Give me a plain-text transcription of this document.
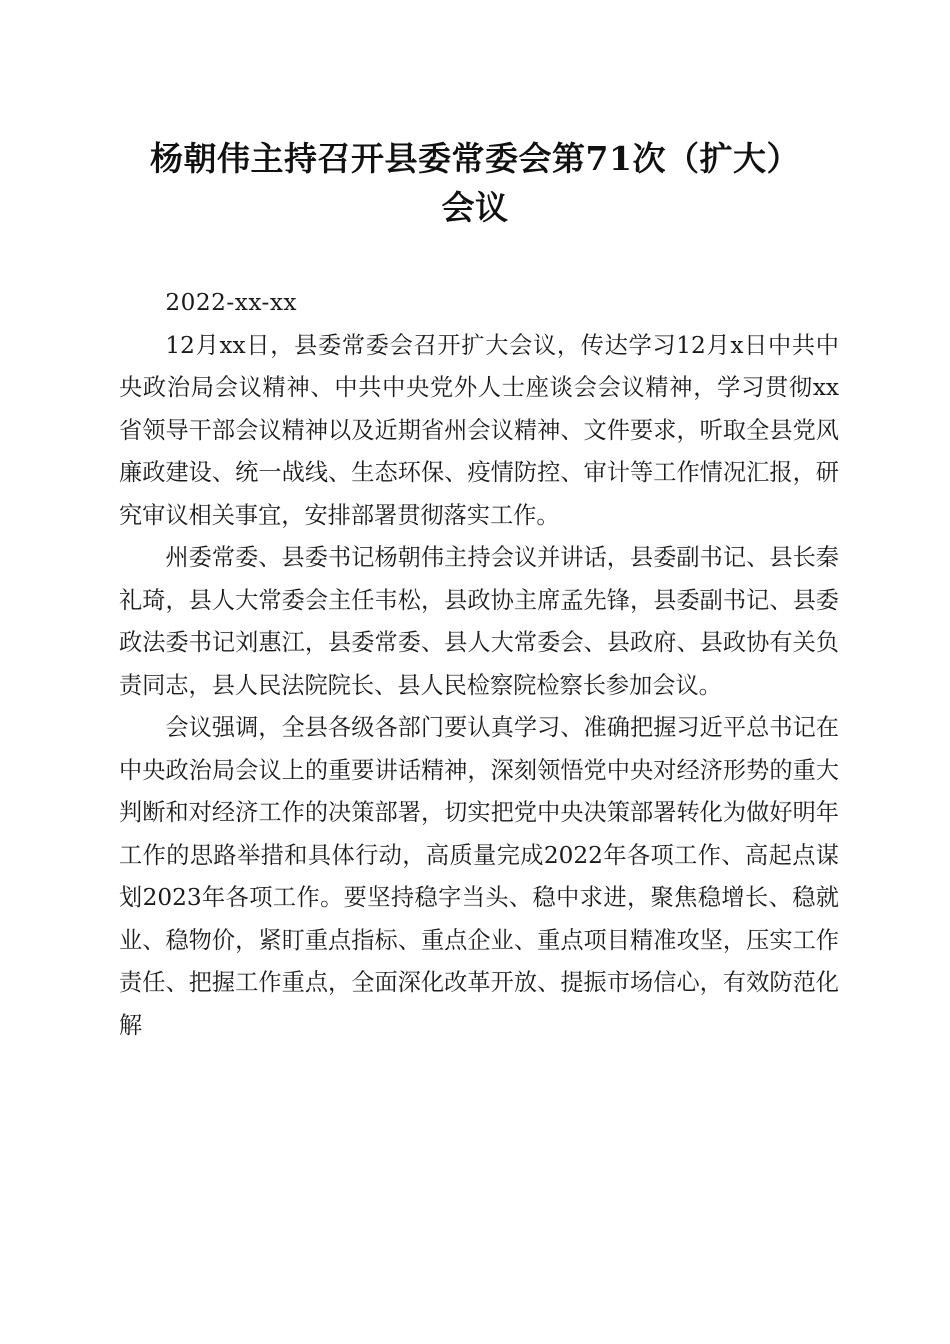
杨朝伟主持召开县委常委会第71次（扩大）
会议

2022-xx-xx

12月xx日，县委常委会召开扩大会议，传达学习12月x日中共中央政治局会议精神、中共中央党外人士座谈会会议精神，学习贯彻xx省领导干部会议精神以及近期省州会议精神、文件要求，听取全县党风廉政建设、统一战线、生态环保、疫情防控、审计等工作情况汇报，研究审议相关事宜，安排部署贯彻落实工作。

州委常委、县委书记杨朝伟主持会议并讲话，县委副书记、县长秦礼琦，县人大常委会主任韦松，县政协主席孟先锋，县委副书记、县委政法委书记刘惠江，县委常委、县人大常委会、县政府、县政协有关负责同志，县人民法院院长、县人民检察院检察长参加会议。

会议强调，全县各级各部门要认真学习、准确把握习近平总书记在中央政治局会议上的重要讲话精神，深刻领悟党中央对经济形势的重大判断和对经济工作的决策部署，切实把党中央决策部署转化为做好明年工作的思路举措和具体行动，高质量完成2022年各项工作、高起点谋划2023年各项工作。要坚持稳字当头、稳中求进，聚焦稳增长、稳就业、稳物价，紧盯重点指标、重点企业、重点项目精准攻坚，压实工作责任、把握工作重点，全面深化改革开放、提振市场信心，有效防范化解
